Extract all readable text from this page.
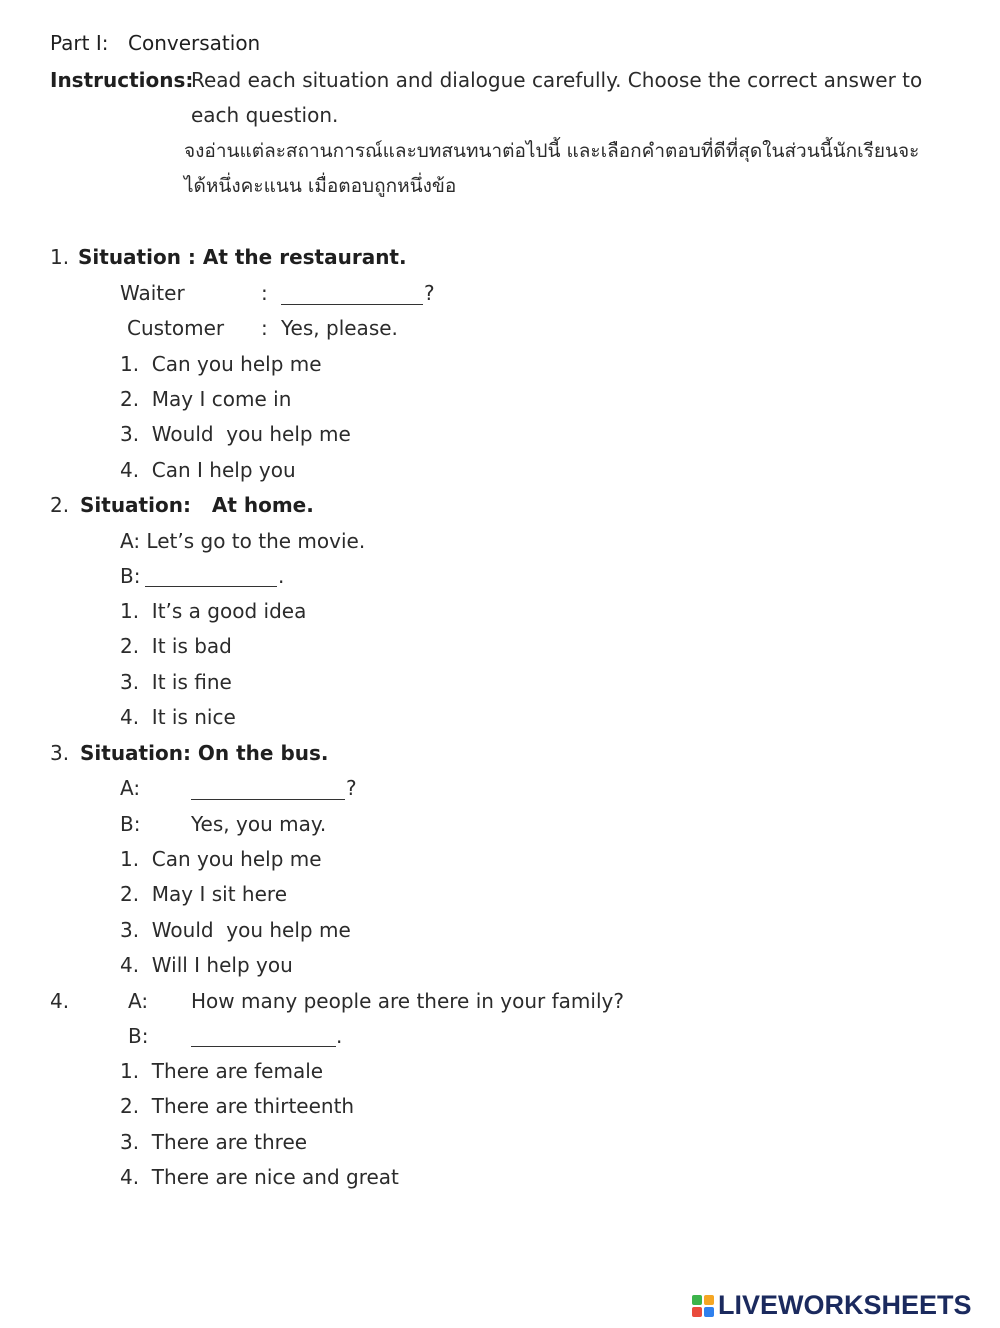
Part I: Conversation
Instructions:
Read each situation and dialogue carefully. Choose the correct answer to
each question.
จงอ่านแต่ละสถานการณ์และบทสนทนาต่อไปนี้ และเลือกคำตอบที่ดีที่สุดในส่วนนี้นักเรียนจะ
ได้หนึ่งคะแนน เมื่อตอบถูกหนึ่งข้อ
1. Situation : At the restaurant.
Waiter	:	?
Customer : Yes, please.
1.  Can you help me
2.  May I come in
3.  Would  you help me
4.  Can I help you
2. Situation:   At home.
A: Let’s go to the movie.
B:	.
1.  It’s a good idea
2.  It is bad
3.  It is fine
4.  It is nice
3. Situation: On the bus.
A:	?
B:	Yes, you may.
1.  Can you help me
2.  May I sit here
3.  Would  you help me
4.  Will I help you
4.	A: How many people are there in your family?
B:	.
1.  There are female
2.  There are thirteenth
3.  There are three
4.  There are nice and great
LIVEWORKSHEETS
